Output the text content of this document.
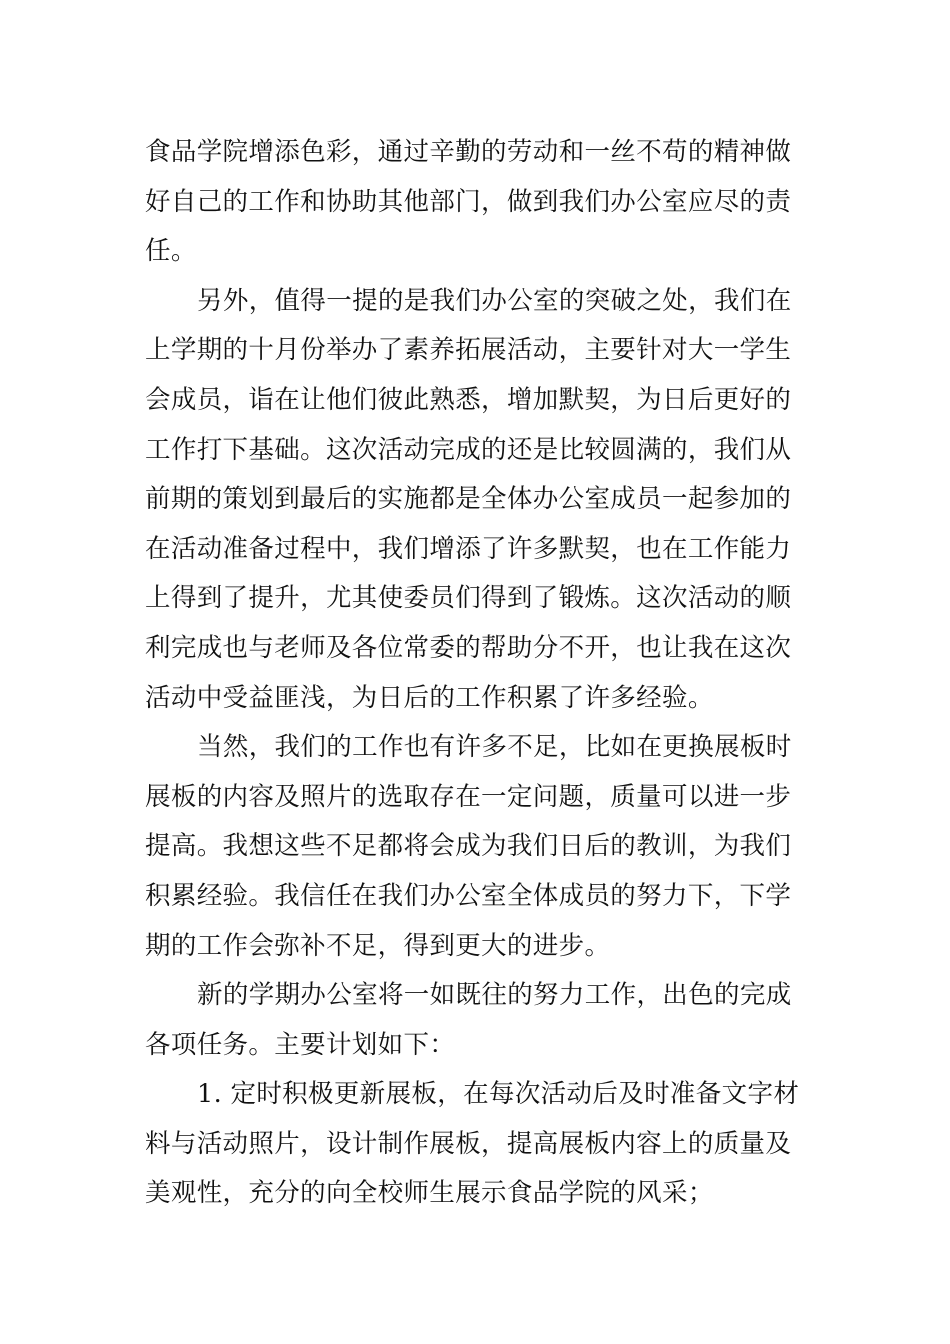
食品学院增添色彩，通过辛勤的劳动和一丝不苟的精神做
好自己的工作和协助其他部门，做到我们办公室应尽的责
任。
另外，值得一提的是我们办公室的突破之处，我们在
上学期的十月份举办了素养拓展活动，主要针对大一学生
会成员，诣在让他们彼此熟悉，增加默契，为日后更好的
工作打下基础。这次活动完成的还是比较圆满的，我们从
前期的策划到最后的实施都是全体办公室成员一起参加的
在活动准备过程中，我们增添了许多默契，也在工作能力
上得到了提升，尤其使委员们得到了锻炼。这次活动的顺
利完成也与老师及各位常委的帮助分不开，也让我在这次
活动中受益匪浅，为日后的工作积累了许多经验。
当然，我们的工作也有许多不足，比如在更换展板时
展板的内容及照片的选取存在一定问题，质量可以进一步
提高。我想这些不足都将会成为我们日后的教训，为我们
积累经验。我信任在我们办公室全体成员的努力下，下学
期的工作会弥补不足，得到更大的进步。
新的学期办公室将一如既往的努力工作，出色的完成
各项任务。主要计划如下：
1. 定时积极更新展板，在每次活动后及时准备文字材
料与活动照片，设计制作展板，提高展板内容上的质量及
美观性，充分的向全校师生展示食品学院的风采；
